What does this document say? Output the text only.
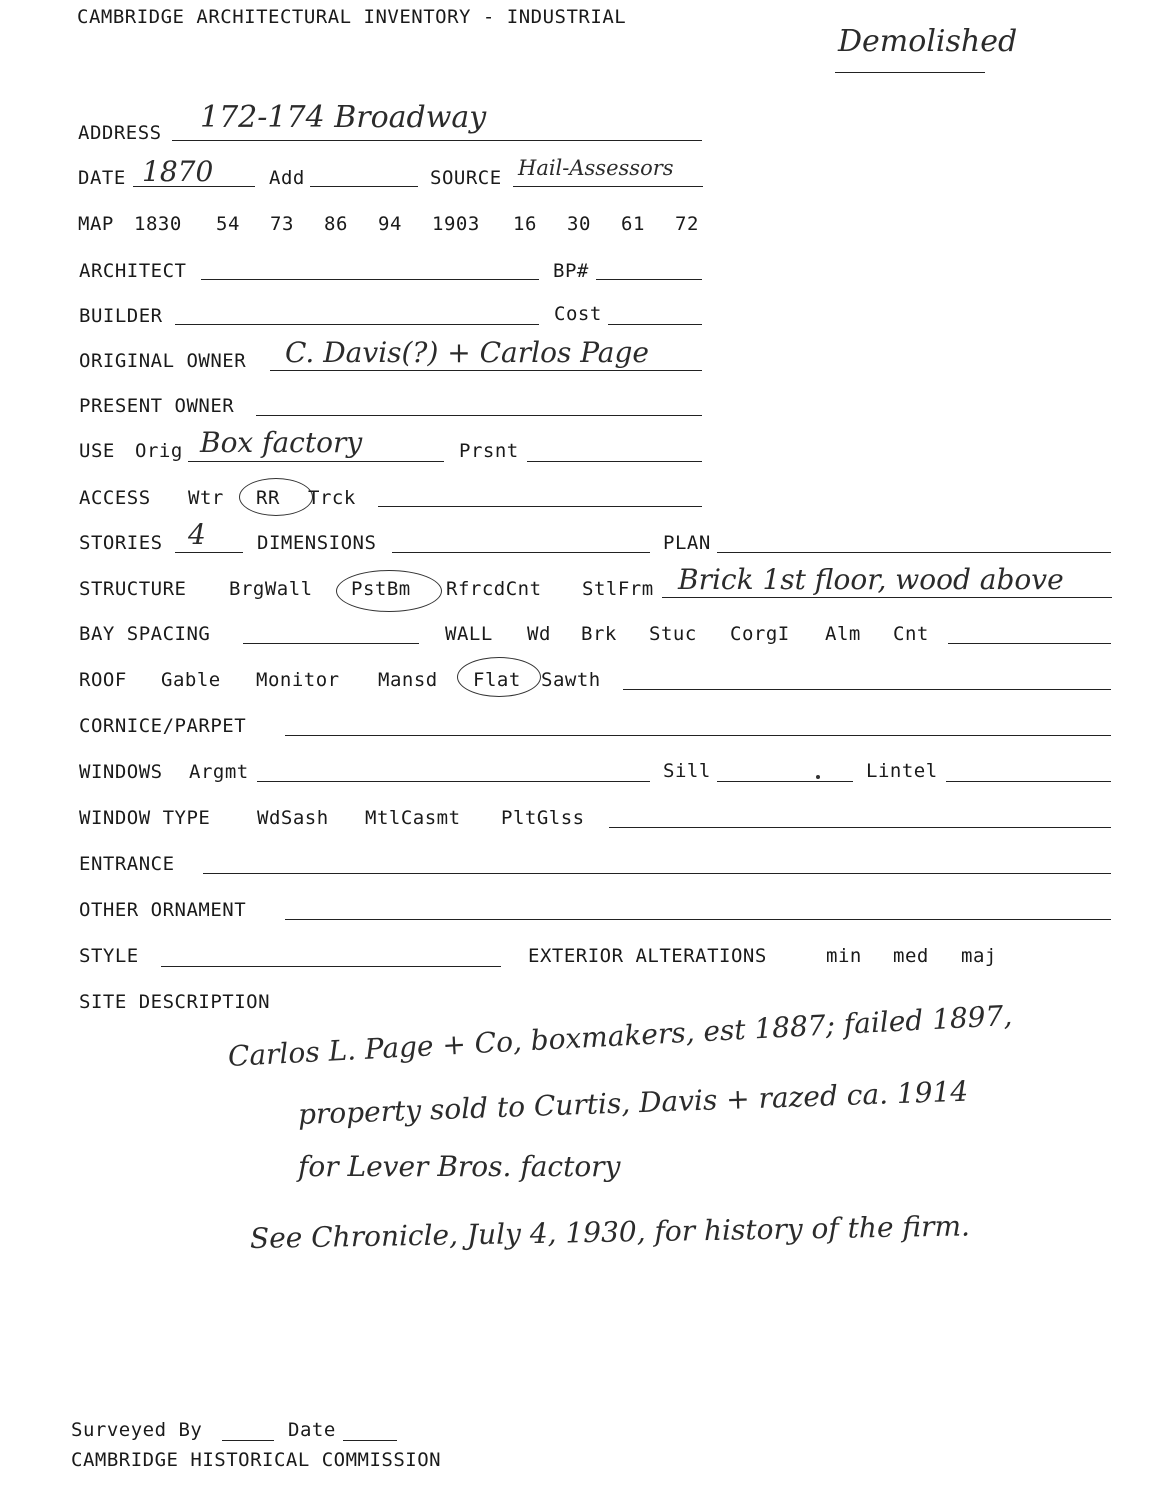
CAMBRIDGE ARCHITECTURAL INVENTORY - INDUSTRIAL
Demolished
ADDRESS 172-174 Broadway
DATE 1870	Add	SOURCE Hail-Assessors
MAP 1830 54 73 86 94 1903 16 30 61 72
ARCHITECT	BP#
BUILDER	Cost
ORIGINAL OWNER C. Davis(?) + Carlos Page
PRESENT OWNER
USE Orig Box factory	Prsnt
ACCESS Wtr RR Trck
STORIES 4	DIMENSIONS	PLAN
STRUCTURE BrgWall PstBm RfrcdCnt StlFrm Brick 1st floor, wood above
BAY SPACING	WALL Wd Brk Stuc CorgI Alm Cnt
ROOF Gable Monitor Mansd Flat Sawth
CORNICE/PARPET
WINDOWS Argmt	Sill	Lintel
WINDOW TYPE WdSash MtlCasmt PltGlss
ENTRANCE
OTHER ORNAMENT
STYLE	EXTERIOR ALTERATIONS	min med maj
SITE DESCRIPTION
Carlos L. Page + Co, boxmakers, est 1887; failed 1897,
property sold to Curtis, Davis + razed ca. 1914
for Lever Bros. factory
See Chronicle, July 4, 1930, for history of the firm.
Surveyed By	Date
CAMBRIDGE HISTORICAL COMMISSION
